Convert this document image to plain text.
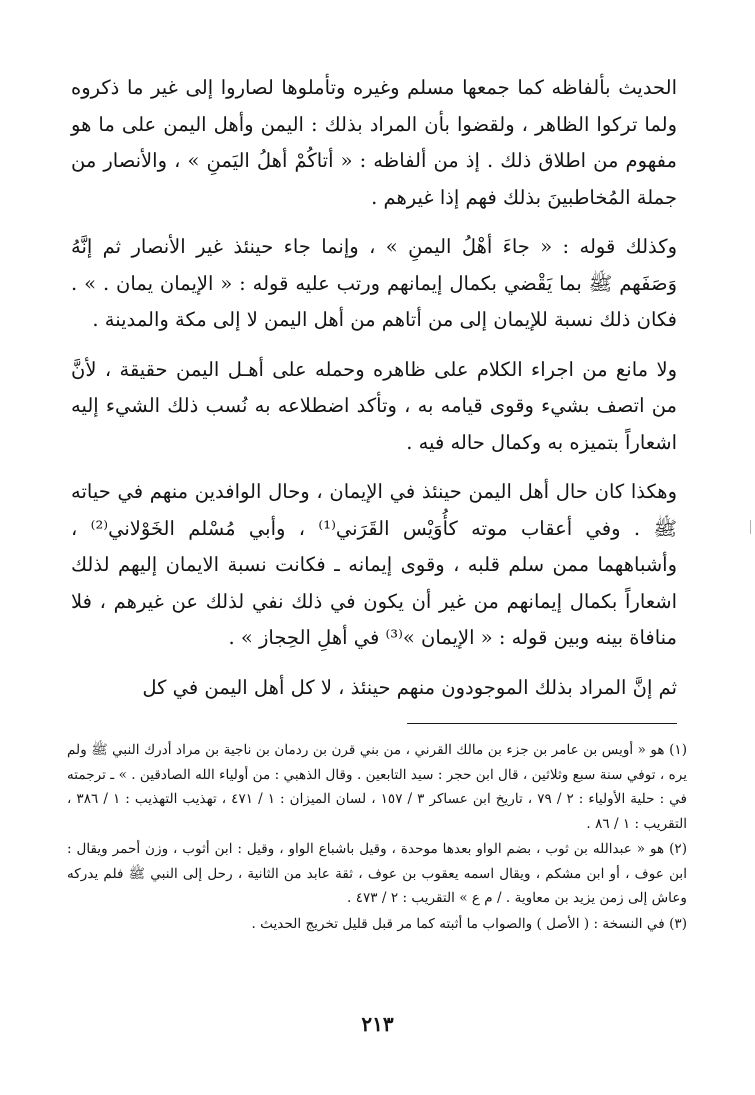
الحديث بألفاظه كما جمعها مسلم وغيره وتأملوها لصاروا إلى غير ما ذكروه ولما تركوا الظاهر ، ولقضوا بأن المراد بذلك : اليمن وأهل اليمن على ما هو مفهوم من اطلاق ذلك . إذ من ألفاظه : « أتاكُمْ أهلُ اليَمنِ » ، والأنصار من جملة المُخاطبينَ بذلك فهم إذا غيرهم .

وكذلك قوله : « جاءَ أهْلُ اليمنِ » ، وإنما جاء حينئذ غير الأنصار ثم إنَّهُ وَصَفَهم ﷺ بما يَقْضي بكمال إيمانهم ورتب عليه قوله : « الإيمان يمان . » . فكان ذلك نسبة للإيمان إلى من أتاهم من أهل اليمن لا إلى مكة والمدينة .

ولا مانع من اجراء الكلام على ظاهره وحمله على أهـل اليمن حقيقة ، لأنَّ من اتصف بشيء وقوى قيامه به ، وتأكد اضطلاعه به نُسب ذلك الشيء إليه اشعاراً بتميزه به وكمال حاله فيه .

وهكذا كان حال أهل اليمن حينئذ في الإيمان ، وحال الوافدين منهم في حياته ﷺ . وفي أعقاب موته كأُوَيْس القَرَني⁽¹⁾ ، وأبي مُسْلم الخَوْلاني⁽²⁾ ، وأشباههما ممن سلم قلبه ، وقوى إيمانه ـ فكانت نسبة الايمان إليهم لذلك اشعاراً بكمال إيمانهم من غير أن يكون في ذلك نفي لذلك عن غيرهم ، فلا منافاة بينه وبين قوله : « الإيمان »⁽³⁾ في أهلِ الحِجاز » .

ثم إنَّ المراد بذلك الموجودون منهم حينئذ ، لا كل أهل اليمن في كل

(١) هو « أويس بن عامر بن جزء بن مالك القرني ، من بني قرن بن ردمان بن ناجية بن مراد أدرك النبي ﷺ ولم يره ، توفي سنة سبع وثلاثين ، قال ابن حجر : سيد التابعين . وقال الذهبي : من أولياء الله الصادقين . » ـ ترجمته في : حلية الأولياء : ٢ / ٧٩ ، تاريخ ابن عساكر ٣ / ١٥٧ ، لسان الميزان : ١ / ٤٧١ ، تهذيب التهذيب : ١ / ٣٨٦ ، التقريب : ١ / ٨٦ .

(٢) هو « عبدالله بن ثوب ، بضم الواو بعدها موحدة ، وقيل باشباع الواو ، وقيل : ابن أثوب ، وزن أحمر ويقال : ابن عوف ، أو ابن مشكم ، ويقال اسمه يعقوب بن عوف ، ثقة عابد من الثانية ، رحل إلى النبي ﷺ فلم يدركه وعاش إلى زمن يزيد بن معاوية . / م ع » التقريب : ٢ / ٤٧٣ .

(٣) في النسخة : ( الأصل ) والصواب ما أثبته كما مر قبل قليل تخريج الحديث .

٢١٣
